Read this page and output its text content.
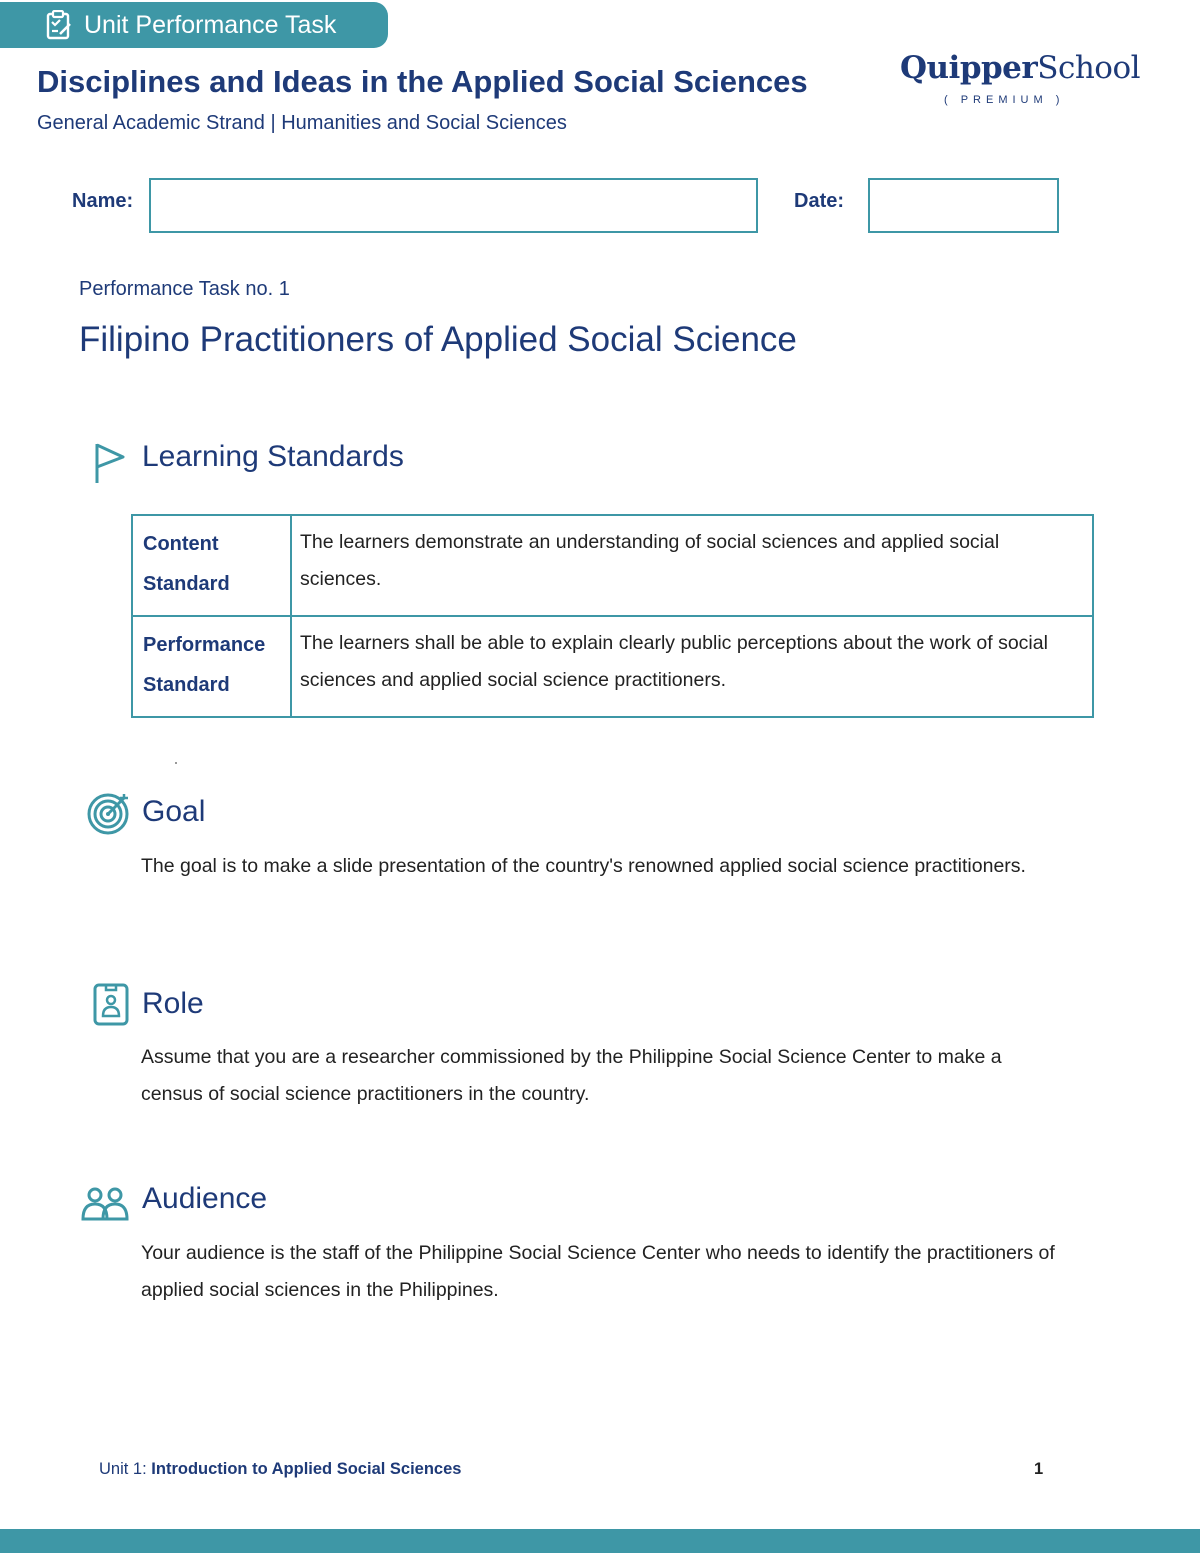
Unit Performance Task
Disciplines and Ideas in the Applied Social Sciences
General Academic Strand | Humanities and Social Sciences
QuipperSchool
( PREMIUM )
Name:	Date:
Performance Task no. 1
Filipino Practitioners of Applied Social Science
Learning Standards
Content
Standard	The learners demonstrate an understanding of social sciences and applied social sciences.

Performance
Standard	The learners shall be able to explain clearly public perceptions about the work of social sciences and applied social science practitioners.
Goal

The goal is to make a slide presentation of the country's renowned applied social science practitioners.

Role

Assume that you are a researcher commissioned by the Philippine Social Science Center to make a census of social science practitioners in the country.

Audience

Your audience is the staff of the Philippine Social Science Center who needs to identify the practitioners of applied social sciences in the Philippines.

Unit 1: Introduction to Applied Social Sciences	1
